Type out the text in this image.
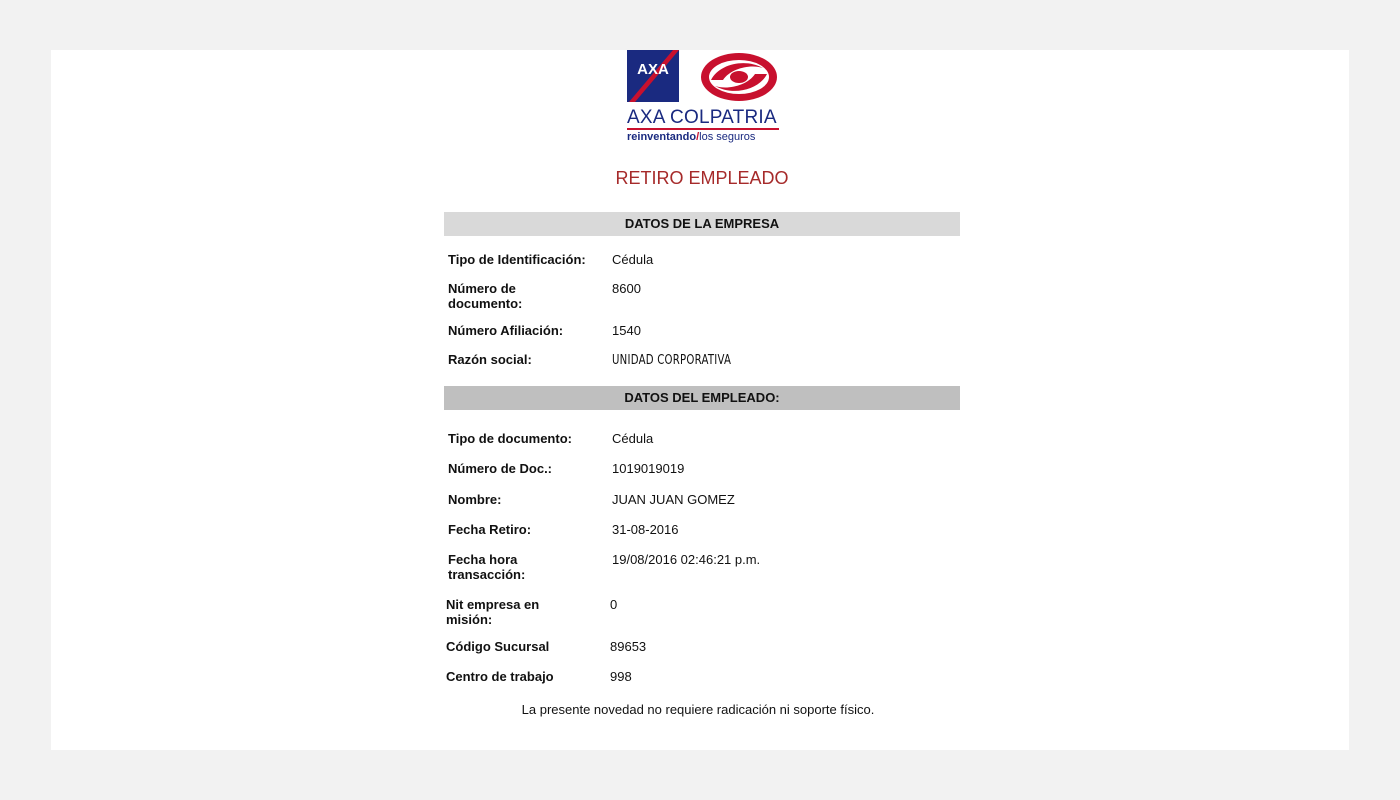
AXA
AXA COLPATRIA
reinventando/los seguros
RETIRO EMPLEADO
DATOS DE LA EMPRESA
Tipo de Identificación: Cédula
Número de documento:
8600
Número Afiliación:	1540
Razón social:	UNIDAD CORPORATIVA
DATOS DEL EMPLEADO:
Tipo de documento:	Cédula
Número de Doc.:	1019019019
Nombre:	JUAN JUAN GOMEZ
Fecha Retiro:	31-08-2016
Fecha hora transacción:
19/08/2016 02:46:21 p.m.
Nit empresa en misión:
0
Código Sucursal	89653
Centro de trabajo	998
La presente novedad no requiere radicación ni soporte físico.
